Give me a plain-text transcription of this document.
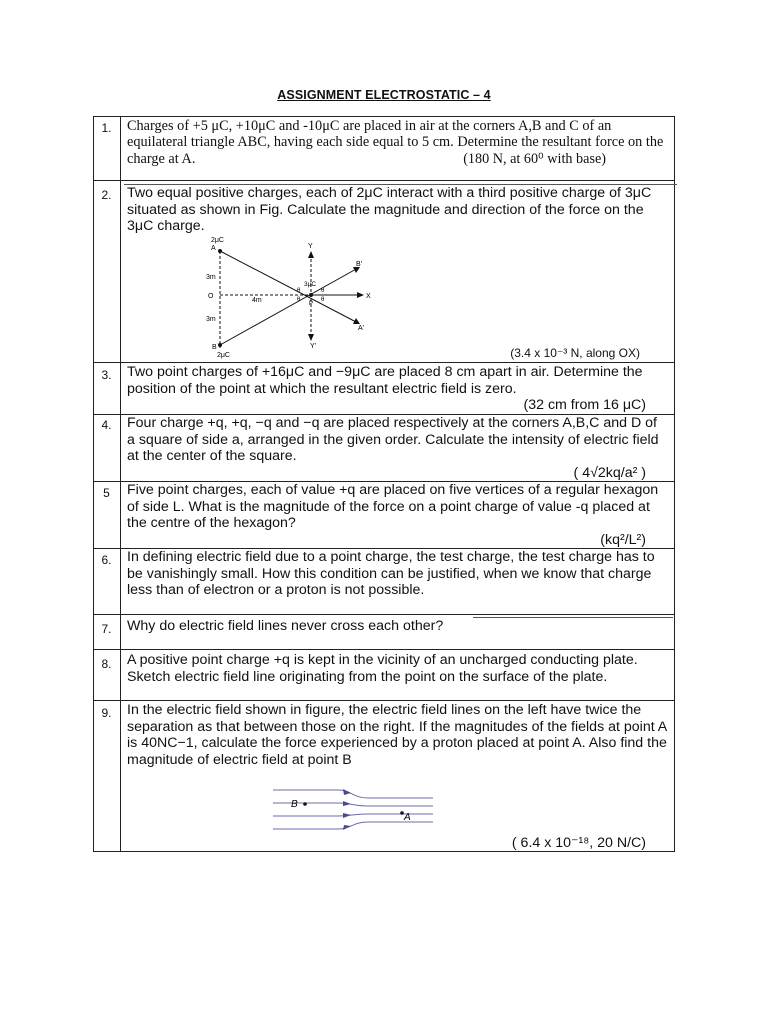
ASSIGNMENT ELECTROSTATIC – 4
1.	Charges of +5 μC, +10μC and -10μC are placed in air at the corners A,B and C of an equilateral triangle ABC, having each side equal to 5 cm. Determine the resultant force on the charge at A.	(180 N, at 60⁰ with base)
2.	Two equal positive charges, each of 2μC interact with a third positive charge of 3μC situated as shown in Fig. Calculate the magnitude and direction of the force on the 3μC charge.
2μC
A
3m
O
3m
4m
B
2μC
Y
Y'
X
B'
A'
3μC
P
θ
θ
θ
θ
(3.4 x 10⁻³ N, along OX)
3.	Two point charges of +16μC and −9μC are placed 8 cm apart in air. Determine the position of the point at which the resultant electric field is zero.
(32 cm from 16 μC)
4.	Four charge +q, +q, −q and −q are placed respectively at the corners A,B,C and D of a square of side a, arranged in the given order. Calculate the intensity of electric field at the center of the square.
( 4√2kq/a² )
5	Five point charges, each of value +q are placed on five vertices of a regular hexagon of side L. What is the magnitude of the force on a point charge of value -q placed at the centre of the hexagon?
(kq²/L²)
6.	In defining electric field due to a point charge, the test charge, the test charge has to be vanishingly small. How this condition can be justified, when we know that charge less than of electron or a proton is not possible.
7.	Why do electric field lines never cross each other?
8.	A positive point charge +q is kept in the vicinity of an uncharged conducting plate. Sketch electric field line originating from the point on the surface of the plate.
9.	In the electric field shown in figure, the electric field lines on the left have twice the separation as that between those on the right. If the magnitudes of the fields at point A is 40NC−1, calculate the force experienced by a proton placed at point A. Also find the magnitude of electric field at point B
B
A
( 6.4 x 10⁻¹⁸, 20 N/C)
